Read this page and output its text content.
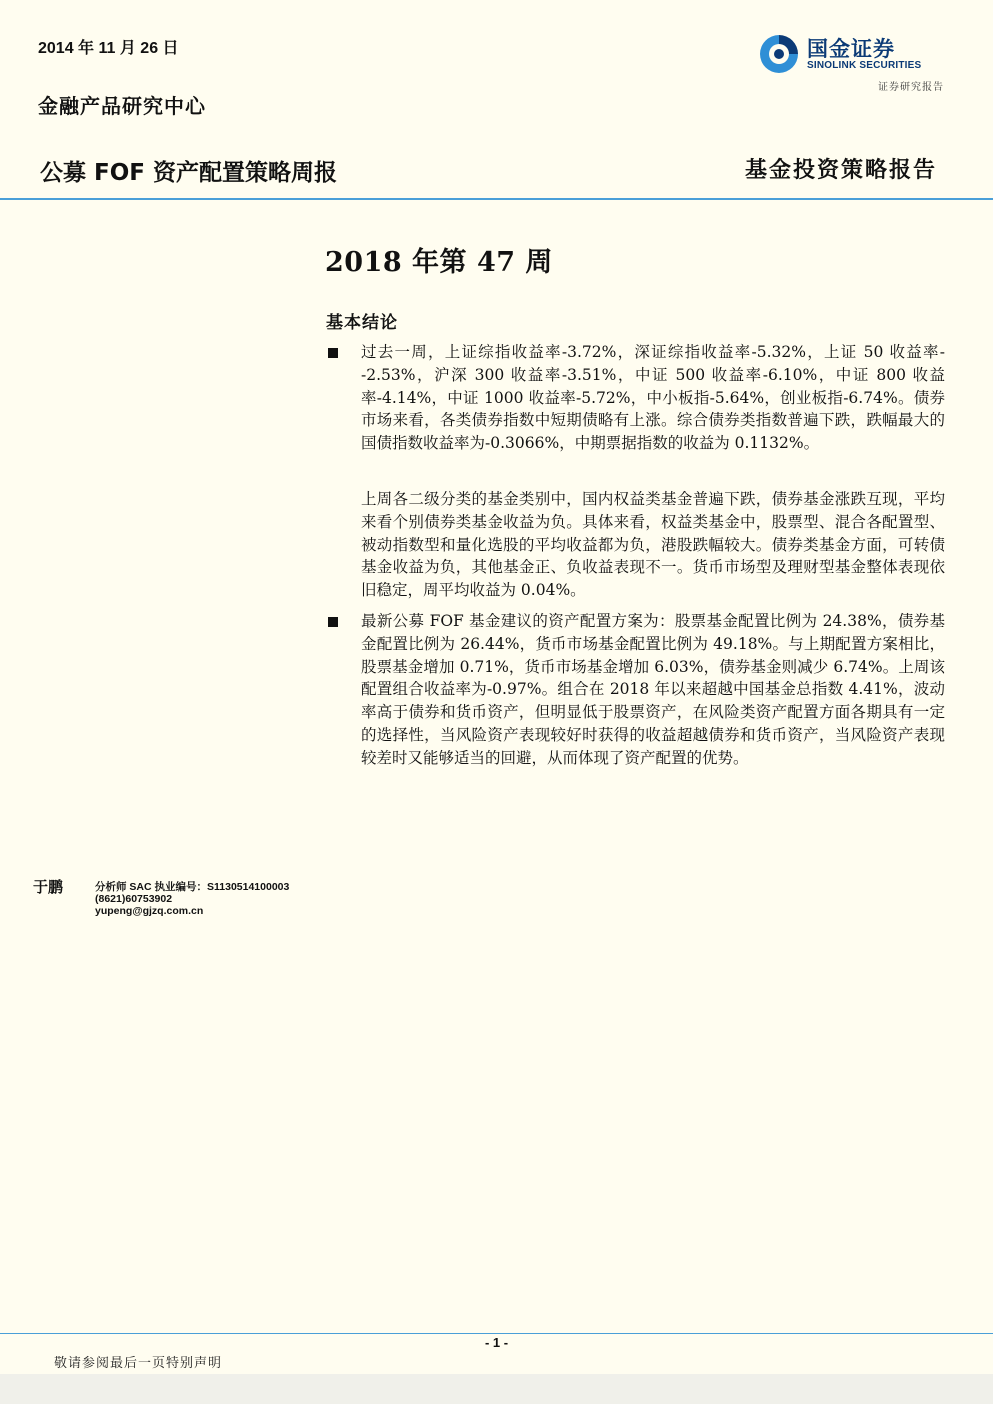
2014 年 11 月 26 日
金融产品研究中心
公募 FOF 资产配置策略周报	基金投资策略报告
国金证券
SINOLINK SECURITIES
证券研究报告
2018 年第 47 周
基本结论
过去一周，上证综指收益率-3.72%，深证综指收益率-5.32%，上证 50 收益率--2.53%，沪深 300 收益率-3.51%，中证 500 收益率-6.10%，中证 800 收益率-4.14%，中证 1000 收益率-5.72%，中小板指-5.64%，创业板指-6.74%。债券市场来看，各类债券指数中短期债略有上涨。综合债券类指数普遍下跌，跌幅最大的国债指数收益率为-0.3066%，中期票据指数的收益为 0.1132%。
上周各二级分类的基金类别中，国内权益类基金普遍下跌，债券基金涨跌互现，平均来看个别债券类基金收益为负。具体来看，权益类基金中，股票型、混合各配置型、被动指数型和量化选股的平均收益都为负，港股跌幅较大。债券类基金方面，可转债基金收益为负，其他基金正、负收益表现不一。货币市场型及理财型基金整体表现依旧稳定，周平均收益为 0.04%。
最新公募 FOF 基金建议的资产配置方案为：股票基金配置比例为 24.38%，债券基金配置比例为 26.44%，货币市场基金配置比例为 49.18%。与上期配置方案相比，股票基金增加 0.71%，货币市场基金增加 6.03%，债券基金则减少 6.74%。上周该配置组合收益率为-0.97%。组合在 2018 年以来超越中国基金总指数 4.41%，波动率高于债券和货币资产，但明显低于股票资产，在风险类资产配置方面各期具有一定的选择性，当风险资产表现较好时获得的收益超越债券和货币资产，当风险资产表现较差时又能够适当的回避，从而体现了资产配置的优势。
于鹏	分析师 SAC 执业编号：S1130514100003
(8621)60753902
yupeng@gjzq.com.cn
- 1 -
敬请参阅最后一页特别声明
